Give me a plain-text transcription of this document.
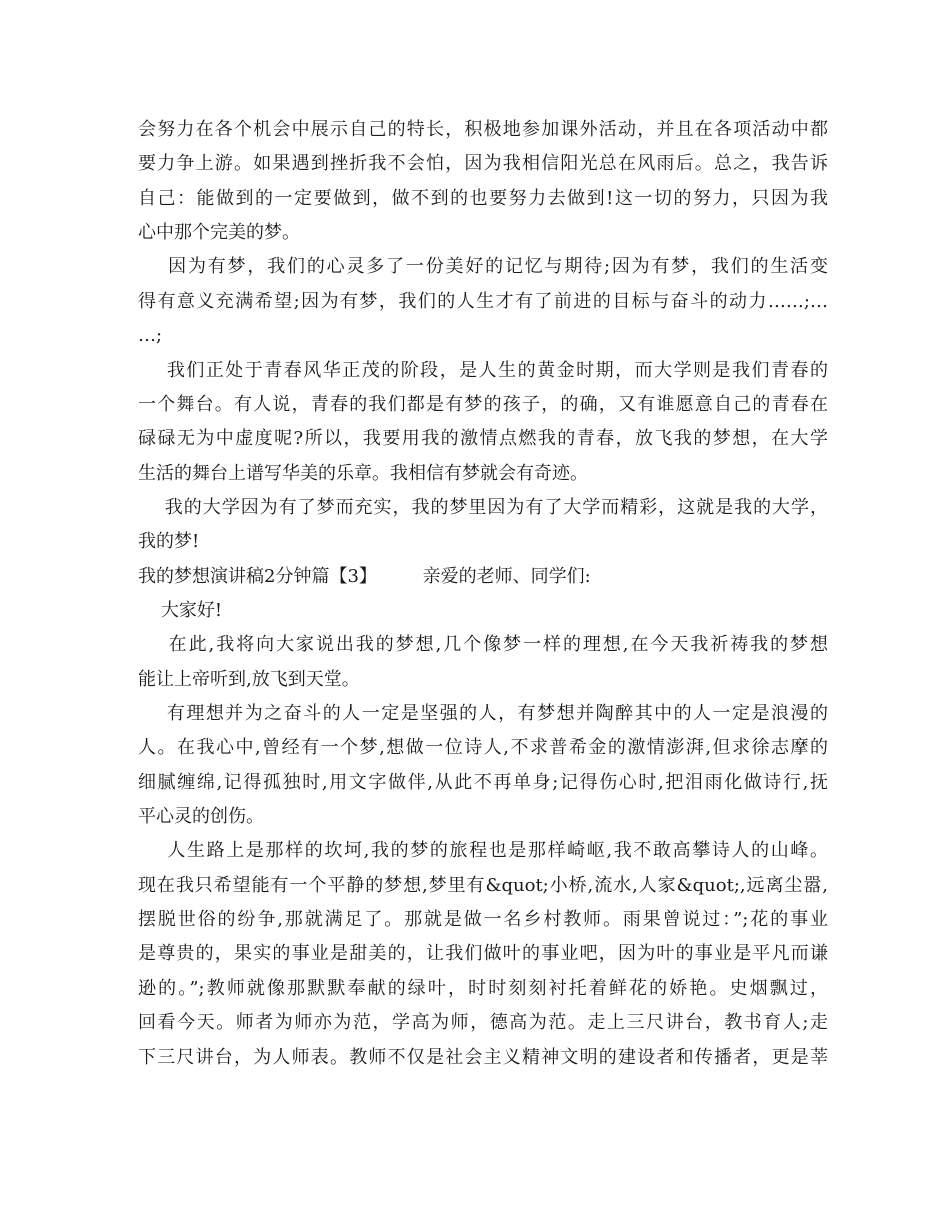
会努力在各个机会中展示自己的特长，积极地参加课外活动，并且在各项活动中都

要力争上游。如果遇到挫折我不会怕，因为我相信阳光总在风雨后。总之，我告诉

自己：能做到的一定要做到，做不到的也要努力去做到!这一切的努力，只因为我

心中那个完美的梦。

因为有梦，我们的心灵多了一份美好的记忆与期待;因为有梦，我们的生活变

得有意义充满希望;因为有梦，我们的人生才有了前进的目标与奋斗的动力……;…

…;

我们正处于青春风华正茂的阶段，是人生的黄金时期，而大学则是我们青春的

一个舞台。有人说，青春的我们都是有梦的孩子，的确，又有谁愿意自己的青春在

碌碌无为中虚度呢?所以，我要用我的激情点燃我的青春，放飞我的梦想，在大学

生活的舞台上谱写华美的乐章。我相信有梦就会有奇迹。

我的大学因为有了梦而充实，我的梦里因为有了大学而精彩，这就是我的大学，

我的梦!

我的梦想演讲稿2分钟篇【3】        亲爱的老师、同学们:

大家好!

在此,我将向大家说出我的梦想,几个像梦一样的理想,在今天我祈祷我的梦想

能让上帝听到,放飞到天堂。

有理想并为之奋斗的人一定是坚强的人，有梦想并陶醉其中的人一定是浪漫的

人。在我心中,曾经有一个梦,想做一位诗人,不求普希金的激情澎湃,但求徐志摩的

细腻缠绵,记得孤独时,用文字做伴,从此不再单身;记得伤心时,把泪雨化做诗行,抚

平心灵的创伤。

人生路上是那样的坎坷,我的梦的旅程也是那样崎岖,我不敢高攀诗人的山峰。

现在我只希望能有一个平静的梦想,梦里有&quot;小桥,流水,人家&quot;,远离尘嚣,

摆脱世俗的纷争,那就满足了。那就是做一名乡村教师。雨果曾说过：”;花的事业

是尊贵的，果实的事业是甜美的，让我们做叶的事业吧，因为叶的事业是平凡而谦

逊的。”;教师就像那默默奉献的绿叶，时时刻刻衬托着鲜花的娇艳。史烟飘过，

回看今天。师者为师亦为范，学高为师，德高为范。走上三尺讲台，教书育人;走

下三尺讲台，为人师表。教师不仅是社会主义精神文明的建设者和传播者，更是莘
